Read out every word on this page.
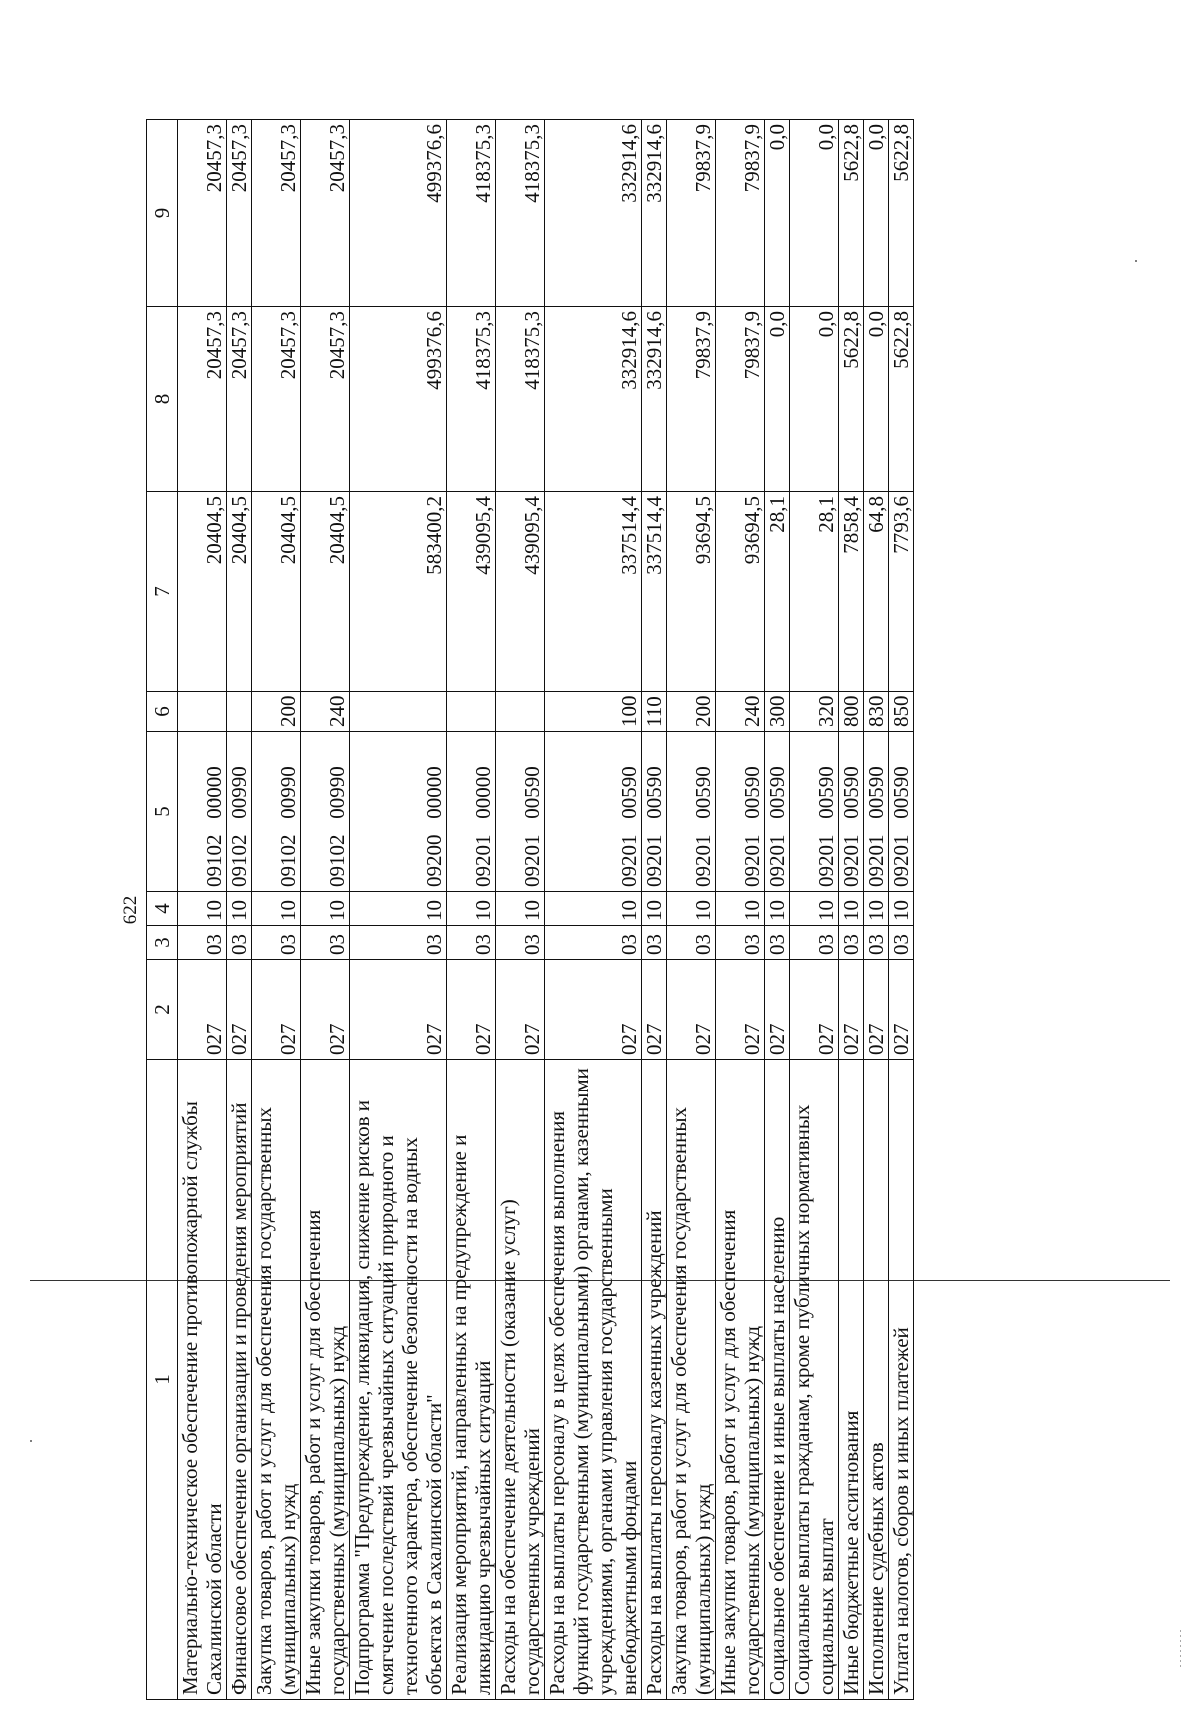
622
1	2	3	4	5	6	7	8	9
Материально-техническое обеспечение противопожарной службы Сахалинской области	027	03	10	09102   00000		20404,5	20457,3	20457,3
Финансовое обеспечение организации и проведения мероприятий	027	03	10	09102   00990		20404,5	20457,3	20457,3
Закупка товаров, работ и услуг для обеспечения государственных (муниципальных) нужд	027	03	10	09102   00990	200	20404,5	20457,3	20457,3
Иные закупки товаров, работ и услуг для обеспечения государственных (муниципальных) нужд	027	03	10	09102   00990	240	20404,5	20457,3	20457,3
Подпрограмма "Предупреждение, ликвидация, снижение рисков и смягчение последствий чрезвычайных ситуаций природного и техногенного характера, обеспечение безопасности на водных объектах в Сахалинской области"	027	03	10	09200   00000		583400,2	499376,6	499376,6
Реализация мероприятий, направленных на предупреждение и ликвидацию чрезвычайных ситуаций	027	03	10	09201   00000		439095,4	418375,3	418375,3
Расходы на обеспечение деятельности (оказание услуг) государственных учреждений	027	03	10	09201   00590		439095,4	418375,3	418375,3
Расходы на выплаты персоналу в целях обеспечения выполнения функций государственными (муниципальными) органами, казенными учреждениями, органами управления государственными внебюджетными фондами	027	03	10	09201   00590	100	337514,4	332914,6	332914,6
Расходы на выплаты персоналу казенных учреждений	027	03	10	09201   00590	110	337514,4	332914,6	332914,6
Закупка товаров, работ и услуг для обеспечения государственных (муниципальных) нужд	027	03	10	09201   00590	200	93694,5	79837,9	79837,9
Иные закупки товаров, работ и услуг для обеспечения государственных (муниципальных) нужд	027	03	10	09201   00590	240	93694,5	79837,9	79837,9
Социальное обеспечение и иные выплаты населению	027	03	10	09201   00590	300	28,1	0,0	0,0
Социальные выплаты гражданам, кроме публичных нормативных социальных выплат	027	03	10	09201   00590	320	28,1	0,0	0,0
Иные бюджетные ассигнования	027	03	10	09201   00590	800	7858,4	5622,8	5622,8
Исполнение судебных актов	027	03	10	09201   00590	830	64,8	0,0	0,0
Уплата налогов, сборов и иных платежей	027	03	10	09201   00590	850	7793,6	5622,8	5622,8
